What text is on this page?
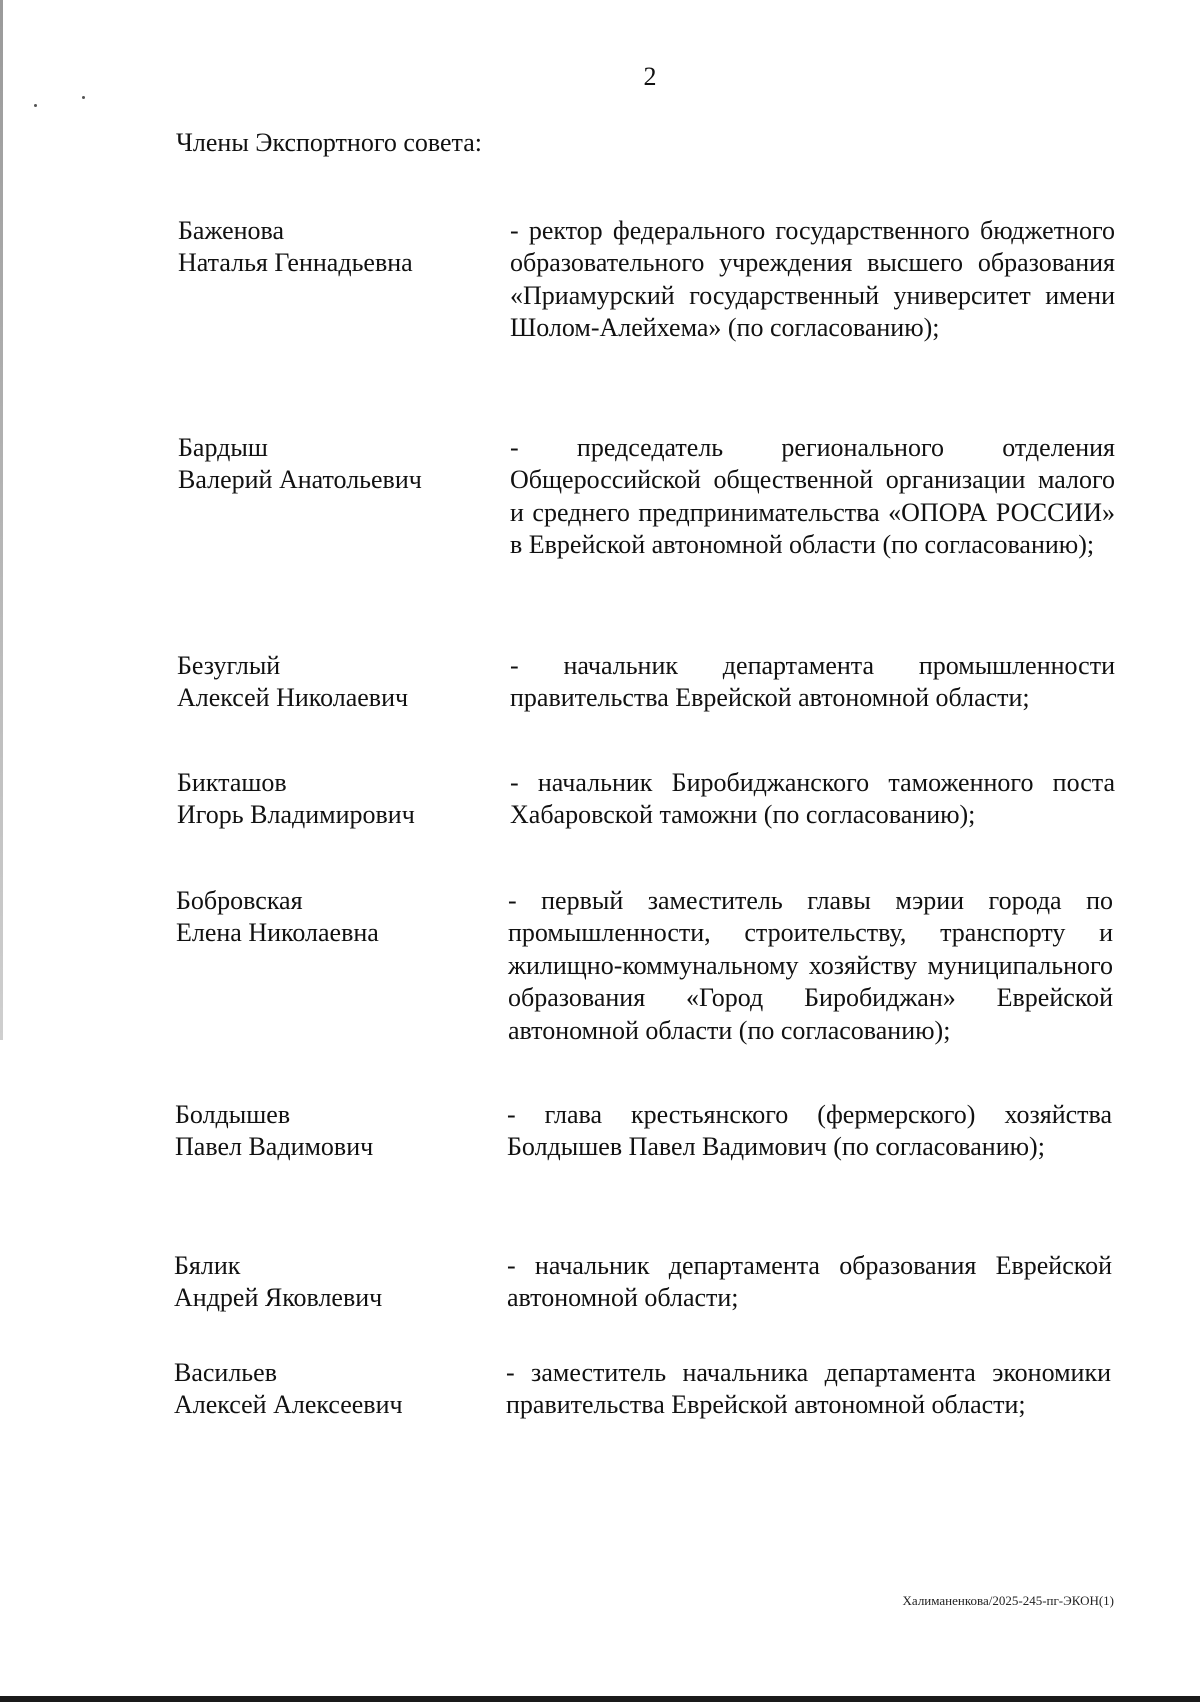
2
Члены Экспортного совета:
Баженова
Наталья Геннадьевна
- ректор федерального государственного бюджетного образовательного учреждения высшего образования «Приамурский государственный университет имени Шолом-Алейхема» (по согласованию);
Бардыш
Валерий Анатольевич
- председатель регионального отделения Общероссийской общественной организации малого и среднего предпринимательства «ОПОРА РОССИИ» в Еврейской автономной области (по согласованию);
Безуглый
Алексей Николаевич
- начальник департамента промышленности правительства Еврейской автономной области;
Бикташов
Игорь Владимирович
- начальник Биробиджанского таможенного поста Хабаровской таможни (по согласованию);
Бобровская
Елена Николаевна
- первый заместитель главы мэрии города по промышленности, строительству, транспорту и жилищно-коммунальному хозяйству муниципального образования «Город Биробиджан» Еврейской автономной области (по согласованию);
Болдышев
Павел Вадимович
- глава крестьянского (фермерского) хозяйства Болдышев Павел Вадимович (по согласованию);
Бялик
Андрей Яковлевич
- начальник департамента образования Еврейской автономной области;
Васильев
Алексей Алексеевич
- заместитель начальника департамента экономики правительства Еврейской автономной области;
Халиманенкова/2025-245-пг-ЭКОН(1)
